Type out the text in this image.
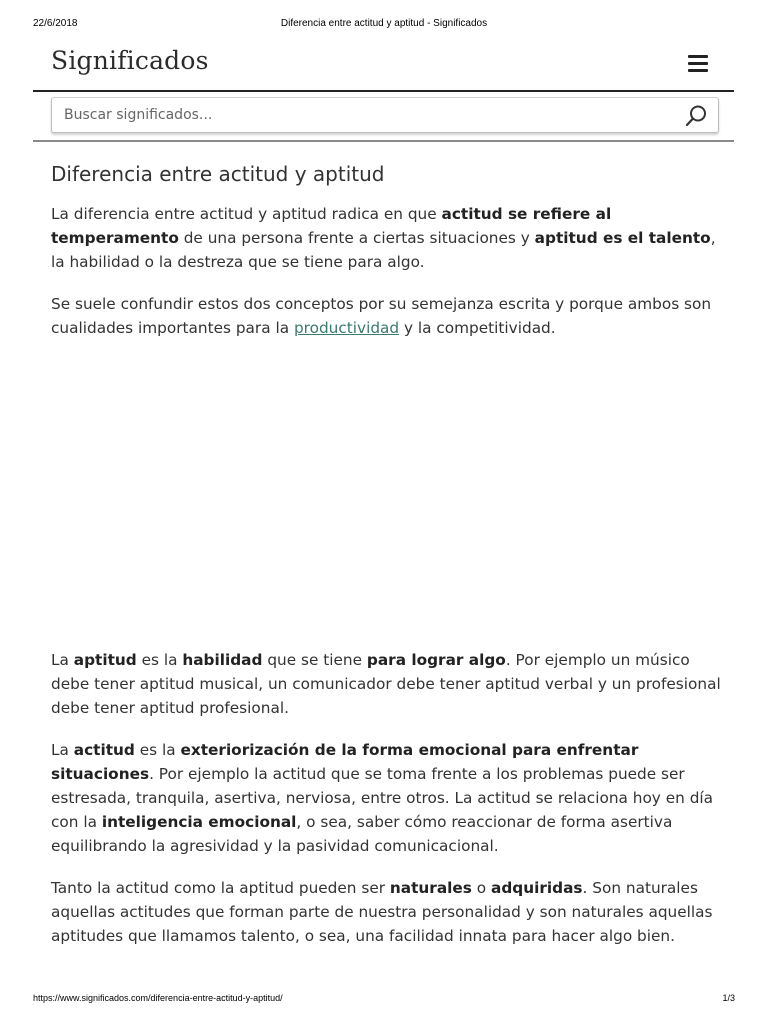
22/6/2018	Diferencia entre actitud y aptitud - Significados
Significados
Buscar significados...
Diferencia entre actitud y aptitud

La diferencia entre actitud y aptitud radica en que actitud se refiere al temperamento de una persona frente a ciertas situaciones y aptitud es el talento, la habilidad o la destreza que se tiene para algo.

Se suele confundir estos dos conceptos por su semejanza escrita y porque ambos son cualidades importantes para la productividad y la competitividad.

La aptitud es la habilidad que se tiene para lograr algo. Por ejemplo un músico debe tener aptitud musical, un comunicador debe tener aptitud verbal y un profesional debe tener aptitud profesional.

La actitud es la exteriorización de la forma emocional para enfrentar situaciones. Por ejemplo la actitud que se toma frente a los problemas puede ser estresada, tranquila, asertiva, nerviosa, entre otros. La actitud se relaciona hoy en día con la inteligencia emocional, o sea, saber cómo reaccionar de forma asertiva equilibrando la agresividad y la pasividad comunicacional.

Tanto la actitud como la aptitud pueden ser naturales o adquiridas. Son naturales aquellas actitudes que forman parte de nuestra personalidad y son naturales aquellas aptitudes que llamamos talento, o sea, una facilidad innata para hacer algo bien.

https://www.significados.com/diferencia-entre-actitud-y-aptitud/	1/3
